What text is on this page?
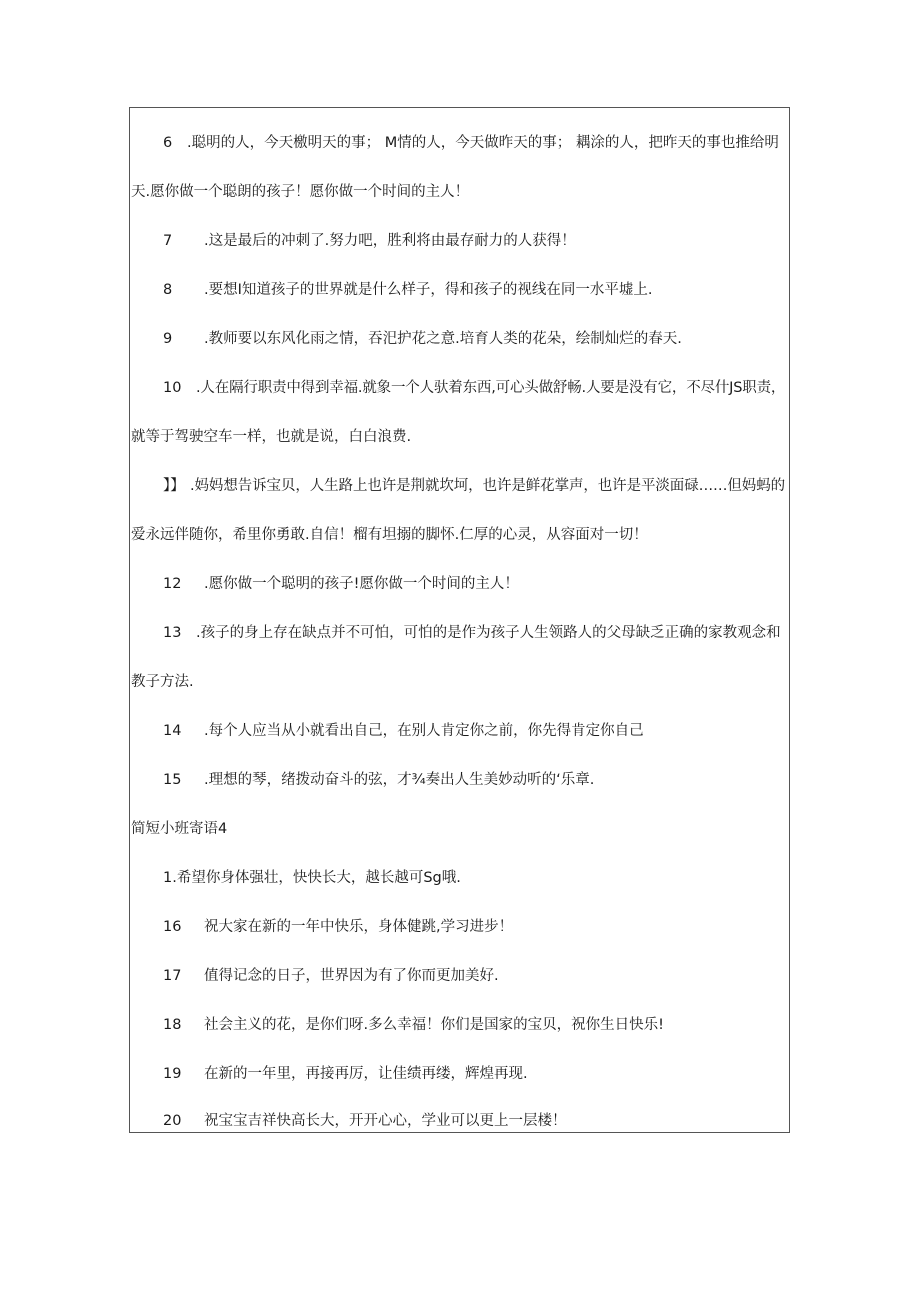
6 .聪明的人，今天檄明天的事； M情的人，今天做昨天的事； 耦涂的人，把昨天的事也推给明
天.愿你做一个聪朗的孩子！愿你做一个时间的主人！
7 .这是最后的冲刺了.努力吧，胜利将由最存耐力的人获得！
8 .要想I知道孩子的世界就是什么样子，得和孩子的视线在同一水平墟上.
9 .教师要以东风化雨之情，吞汜护花之意.培育人类的花朵，绘制灿烂的春天.
10 .人在隔行职责中得到幸福.就象一个人驮着东西,可心头做舒畅.人要是没有它，不尽什JS职责，
就等于驾驶空车一样，也就是说，白白浪费.
】】 .妈妈想告诉宝贝，人生路上也许是荆就坎坷，也许是鲜花掌声，也许是平淡面碌……但妈蚂的
爱永远伴随你，希里你勇敢.自信！榴有坦搦的脚怀.仁厚的心灵，从容面对一切！
12 .愿你做一个聪明的孩子!愿你做一个时间的主人！
13 .孩子的身上存在缺点并不可怕，可怕的是作为孩子人生领路人的父母缺乏正确的家教观念和
教子方法.
14 .每个人应当从小就看出自己，在别人肯定你之前，你先得肯定你自己
15 .理想的琴，绪拨动奋斗的弦，才¾奏出人生美妙动听的‘乐章.
简短小班寄语4
1.希望你身体强壮，快快长大，越长越可Sg哦.
16 祝大家在新的一年中快乐，身体健跳,学习进步！
17 值得记念的日子，世界因为有了你而更加美好.
18 社会主义的花，是你们呀.多么幸福！你们是国家的宝贝，祝你生日快乐!
19 在新的一年里，再接再厉，让佳绩再缕，辉煌再现.
20 祝宝宝吉祥快高长大，开开心心，学业可以更上一层楼！
